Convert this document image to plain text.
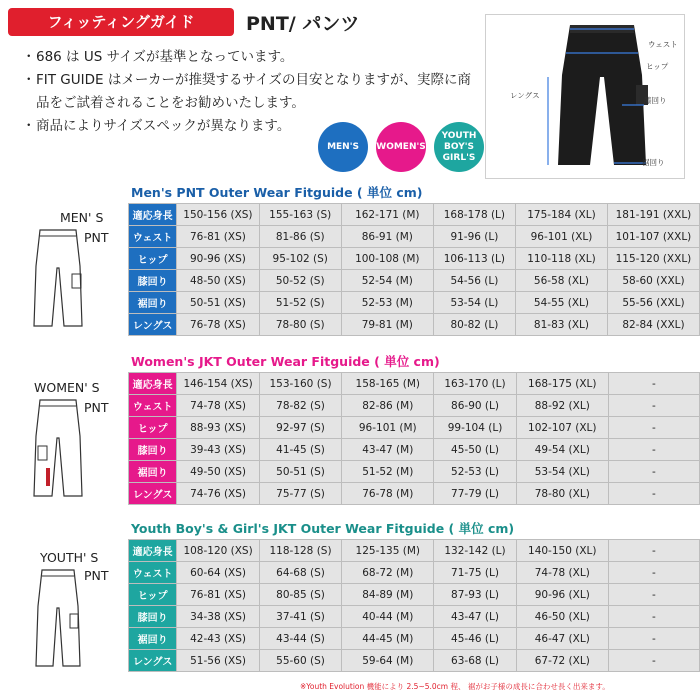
フィッティングガイド	PNT/ パンツ
・ 686 は US サイズが基準となっています。
・ FIT GUIDE はメーカーが推奨するサイズの目安となりますが、実際に商品をご試着されることをお勧めいたします。
・ 商品によりサイズスペックが異なります。
MEN'S	WOMEN'S
YOUTH BOY'S GIRL'S
ウェスト
ヒップ
膝回り
レングス
裾回り
Men's PNT Outer Wear Fitguide ( 単位 cm)
MEN' S
PNT
適応身長	150-156 (XS)	155-163 (S)	162-171 (M)	168-178 (L)	175-184 (XL)	181-191 (XXL)
ウェスト	76-81 (XS)	81-86 (S)	86-91 (M)	91-96 (L)	96-101 (XL)	101-107 (XXL)
ヒップ	90-96 (XS)	95-102 (S)	100-108 (M)	106-113 (L)	110-118 (XL)	115-120 (XXL)
膝回り	48-50 (XS)	50-52 (S)	52-54 (M)	54-56 (L)	56-58 (XL)	58-60 (XXL)
裾回り	50-51 (XS)	51-52 (S)	52-53 (M)	53-54 (L)	54-55 (XL)	55-56 (XXL)
レングス	76-78 (XS)	78-80 (S)	79-81 (M)	80-82 (L)	81-83 (XL)	82-84 (XXL)
Women's JKT Outer Wear Fitguide ( 単位 cm)
WOMEN' S
PNT
適応身長	146-154 (XS)	153-160 (S)	158-165 (M)	163-170 (L)	168-175 (XL)	-
ウェスト	74-78 (XS)	78-82 (S)	82-86 (M)	86-90 (L)	88-92 (XL)	-
ヒップ	88-93 (XS)	92-97 (S)	96-101 (M)	99-104 (L)	102-107 (XL)	-
膝回り	39-43 (XS)	41-45 (S)	43-47 (M)	45-50 (L)	49-54 (XL)	-
裾回り	49-50 (XS)	50-51 (S)	51-52 (M)	52-53 (L)	53-54 (XL)	-
レングス	74-76 (XS)	75-77 (S)	76-78 (M)	77-79 (L)	78-80 (XL)	-
Youth Boy's & Girl's JKT Outer Wear Fitguide ( 単位 cm)
YOUTH' S
PNT
適応身長	108-120 (XS)	118-128 (S)	125-135 (M)	132-142 (L)	140-150 (XL)	-
ウェスト	60-64 (XS)	64-68 (S)	68-72 (M)	71-75 (L)	74-78 (XL)	-
ヒップ	76-81 (XS)	80-85 (S)	84-89 (M)	87-93 (L)	90-96 (XL)	-
膝回り	34-38 (XS)	37-41 (S)	40-44 (M)	43-47 (L)	46-50 (XL)	-
裾回り	42-43 (XS)	43-44 (S)	44-45 (M)	45-46 (L)	46-47 (XL)	-
レングス	51-56 (XS)	55-60 (S)	59-64 (M)	63-68 (L)	67-72 (XL)	-
※Youth Evolution 機能により 2.5~5.0cm 程、 裾がお子様の成長に合わせ長く出来ます。
